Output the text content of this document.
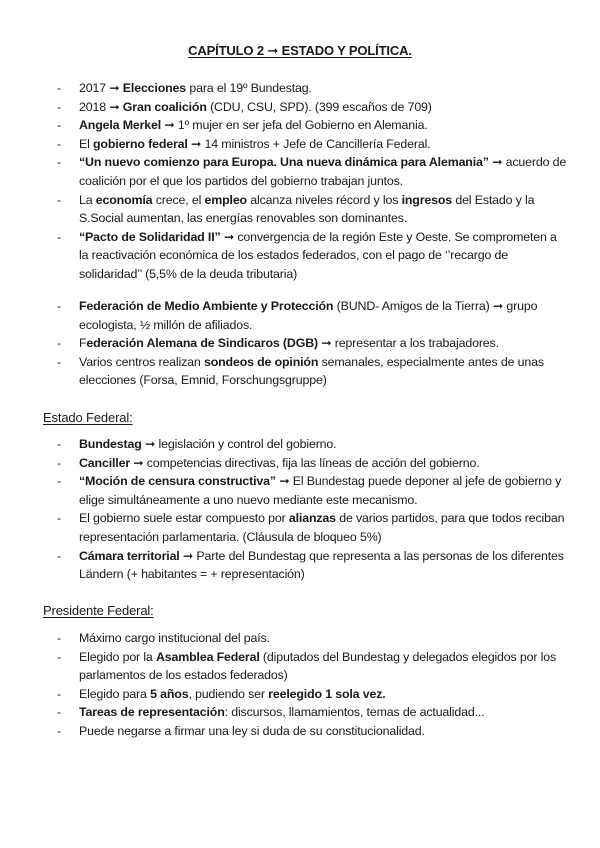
CAPÍTULO 2 ➞ ESTADO Y POLÍTICA.
- 2017 ➞ Elecciones para el 19º Bundestag.
- 2018 ➞ Gran coalición (CDU, CSU, SPD). (399 escaños de 709)
- Angela Merkel ➞ 1º mujer en ser jefa del Gobierno en Alemania.
- El gobierno federal ➞ 14 ministros + Jefe de Cancillería Federal.
- “Un nuevo comienzo para Europa. Una nueva dinámica para Alemania” ➞ acuerdo de coalición por el que los partidos del gobierno trabajan juntos.
- La economía crece, el empleo alcanza niveles récord y los ingresos del Estado y la S.Social aumentan, las energías renovables son dominantes.
- “Pacto de Solidaridad II” ➞ convergencia de la región Este y Oeste. Se comprometen a la reactivación económica de los estados federados, con el pago de ‘’recargo de solidaridad’’ (5,5% de la deuda tributaria)
- Federación de Medio Ambiente y Protección (BUND- Amigos de la Tierra) ➞ grupo ecologista, ½ millón de afiliados.
- Federación Alemana de Sindicaros (DGB) ➞ representar a los trabajadores.
- Varios centros realizan sondeos de opinión semanales, especialmente antes de unas elecciones (Forsa, Emnid, Forschungsgruppe)
Estado Federal:
- Bundestag ➞ legislación y control del gobierno.
- Canciller ➞ competencias directivas, fija las líneas de acción del gobierno.
- “Moción de censura constructiva” ➞ El Bundestag puede deponer al jefe de gobierno y elige simultáneamente a uno nuevo mediante este mecanismo.
- El gobierno suele estar compuesto por alianzas de varios partidos, para que todos reciban representación parlamentaria. (Cláusula de bloqueo 5%)
- Cámara territorial ➞ Parte del Bundestag que representa a las personas de los diferentes Ländern (+ habitantes = + representación)
Presidente Federal:
- Máximo cargo institucional del país.
- Elegido por la Asamblea Federal (diputados del Bundestag y delegados elegidos por los parlamentos de los estados federados)
- Elegido para 5 años, pudiendo ser reelegido 1 sola vez.
- Tareas de representación: discursos, llamamientos, temas de actualidad...
- Puede negarse a firmar una ley si duda de su constitucionalidad.
